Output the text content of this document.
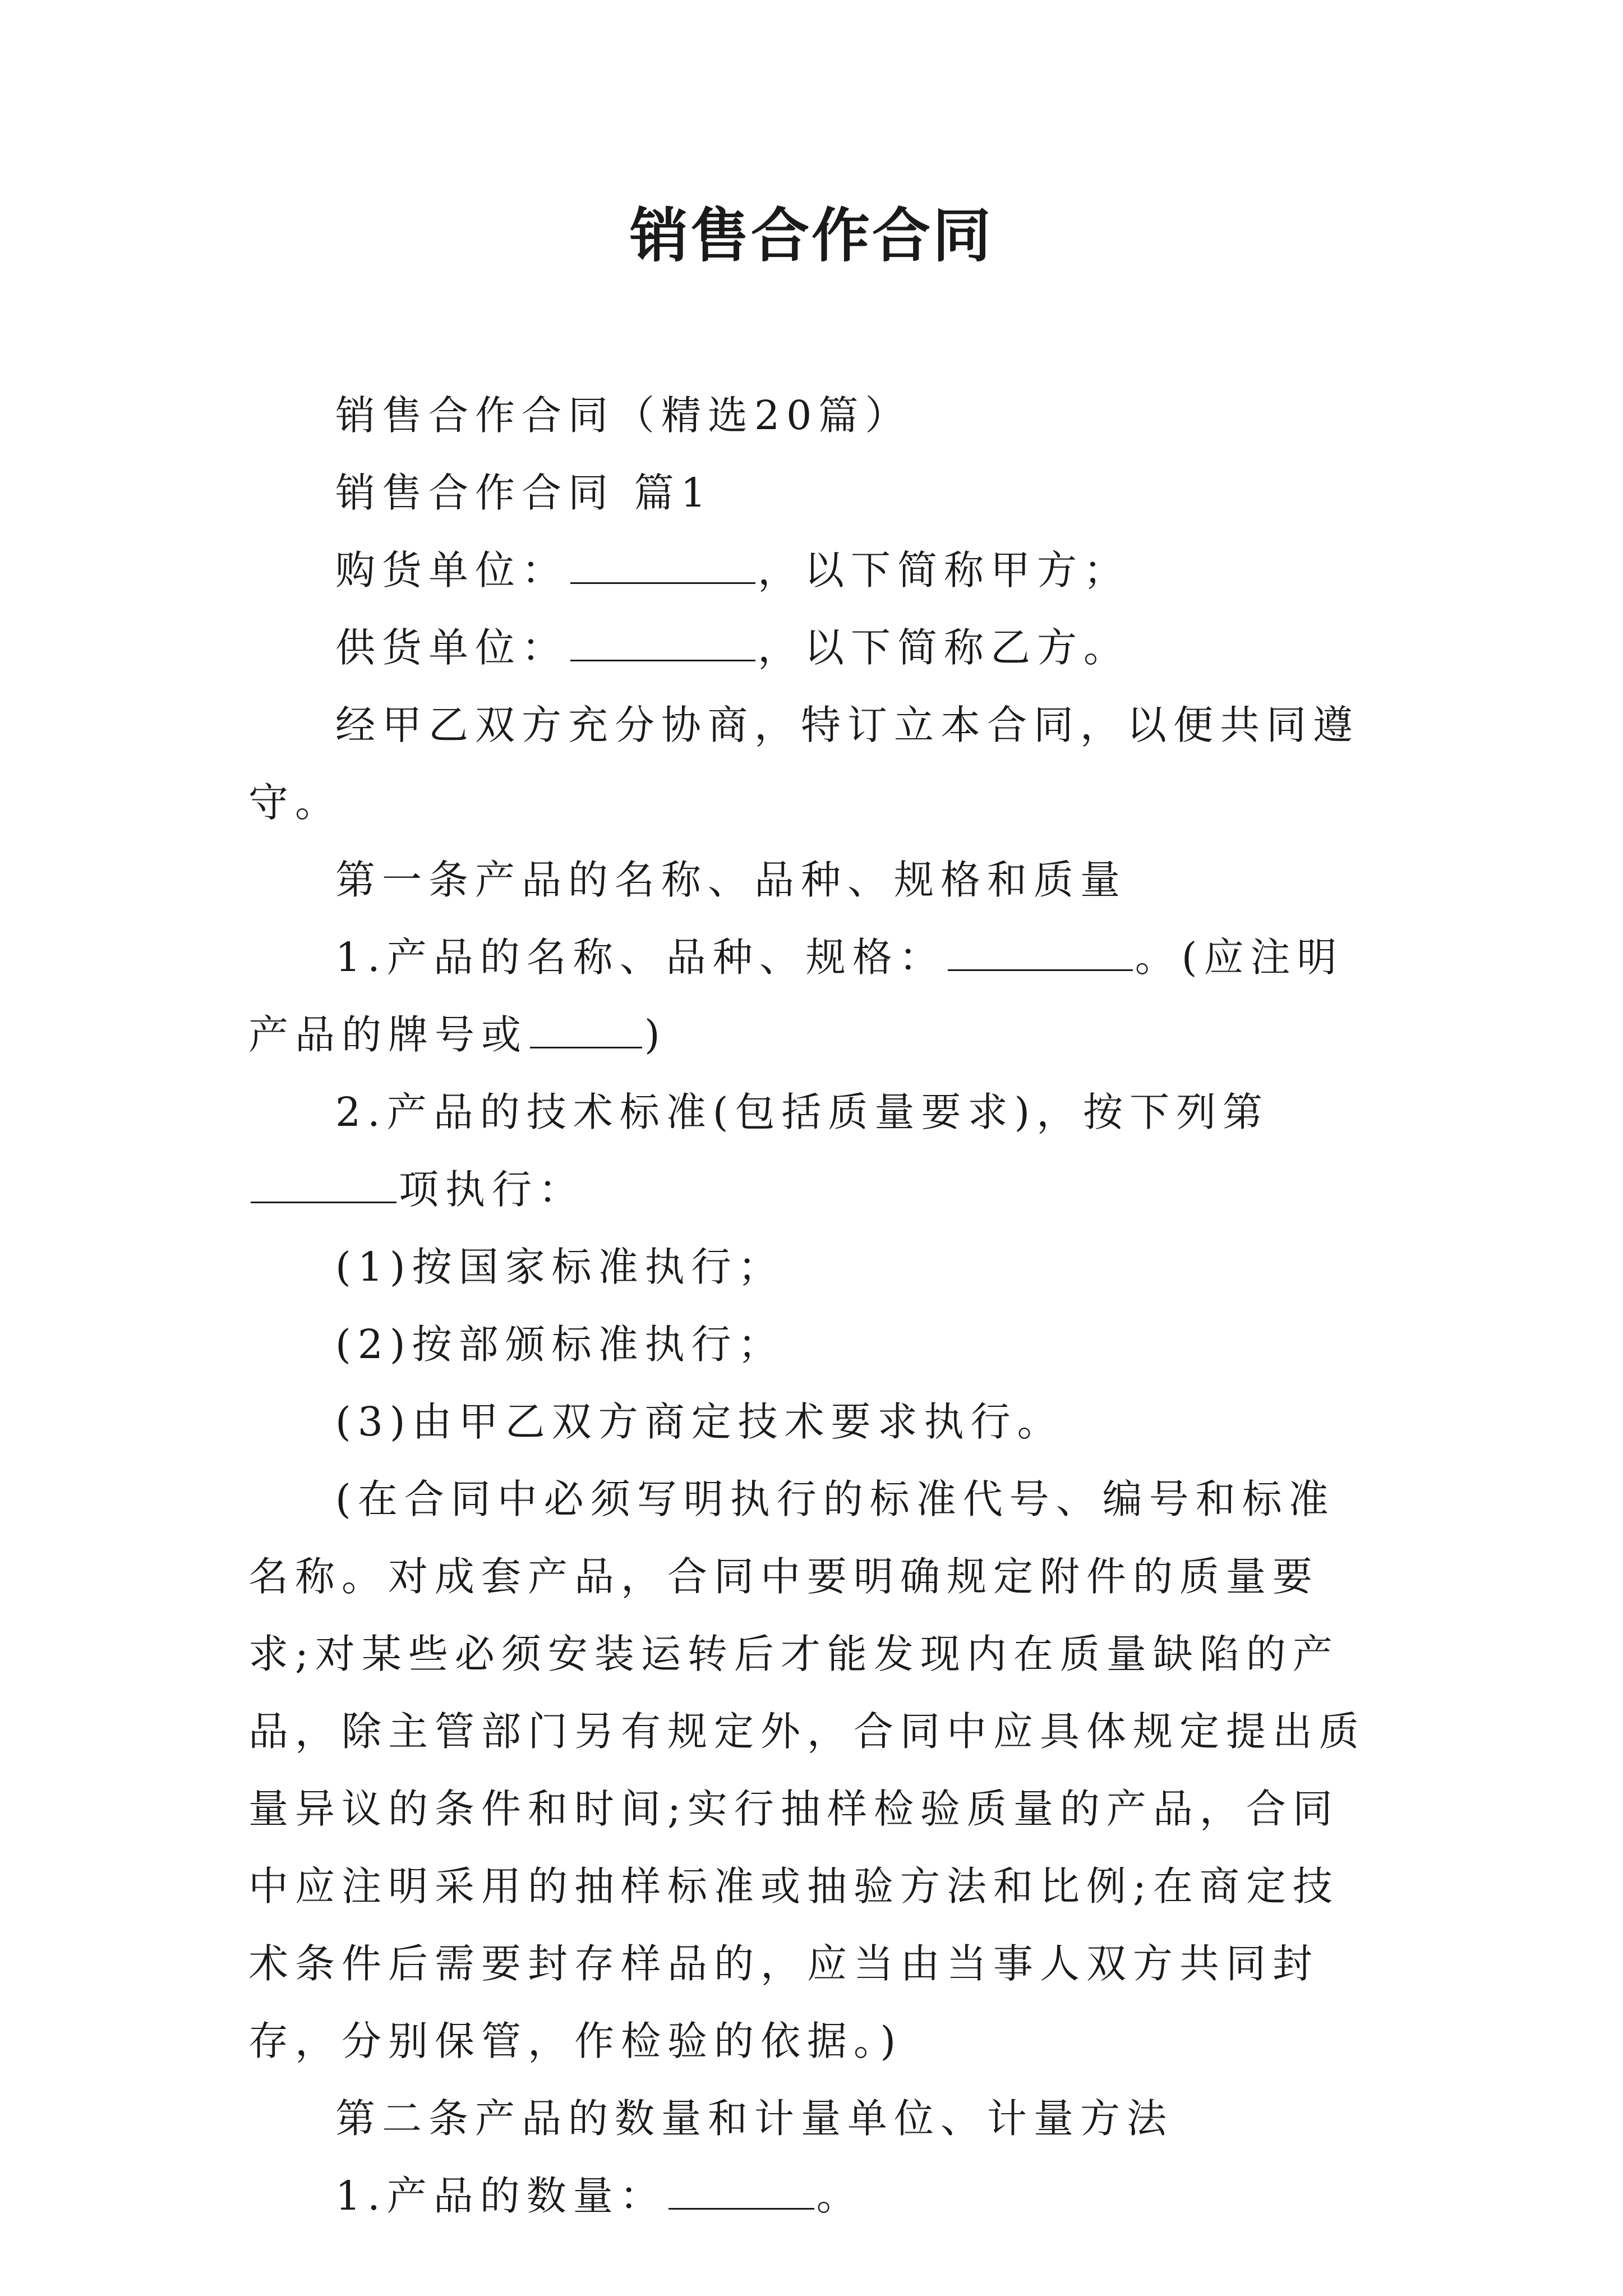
销售合作合同

销售合作合同（精选20篇）

销售合作合同 篇1

购货单位：	，以下简称甲方；

供货单位：	，以下简称乙方。

经甲乙双方充分协商，特订立本合同，以便共同遵守。

第一条产品的名称、品种、规格和质量

1.产品的名称、品种、规格：	。(应注明产品的牌号或	)

2.产品的技术标准(包括质量要求)，按下列第项执行：

(1)按国家标准执行；

(2)按部颁标准执行；

(3)由甲乙双方商定技术要求执行。

(在合同中必须写明执行的标准代号、编号和标准名称。对成套产品，合同中要明确规定附件的质量要求;对某些必须安装运转后才能发现内在质量缺陷的产品，除主管部门另有规定外，合同中应具体规定提出质量异议的条件和时间;实行抽样检验质量的产品，合同中应注明采用的抽样标准或抽验方法和比例;在商定技术条件后需要封存样品的，应当由当事人双方共同封存，分别保管，作检验的依据。)

第二条产品的数量和计量单位、计量方法

1.产品的数量：	。
